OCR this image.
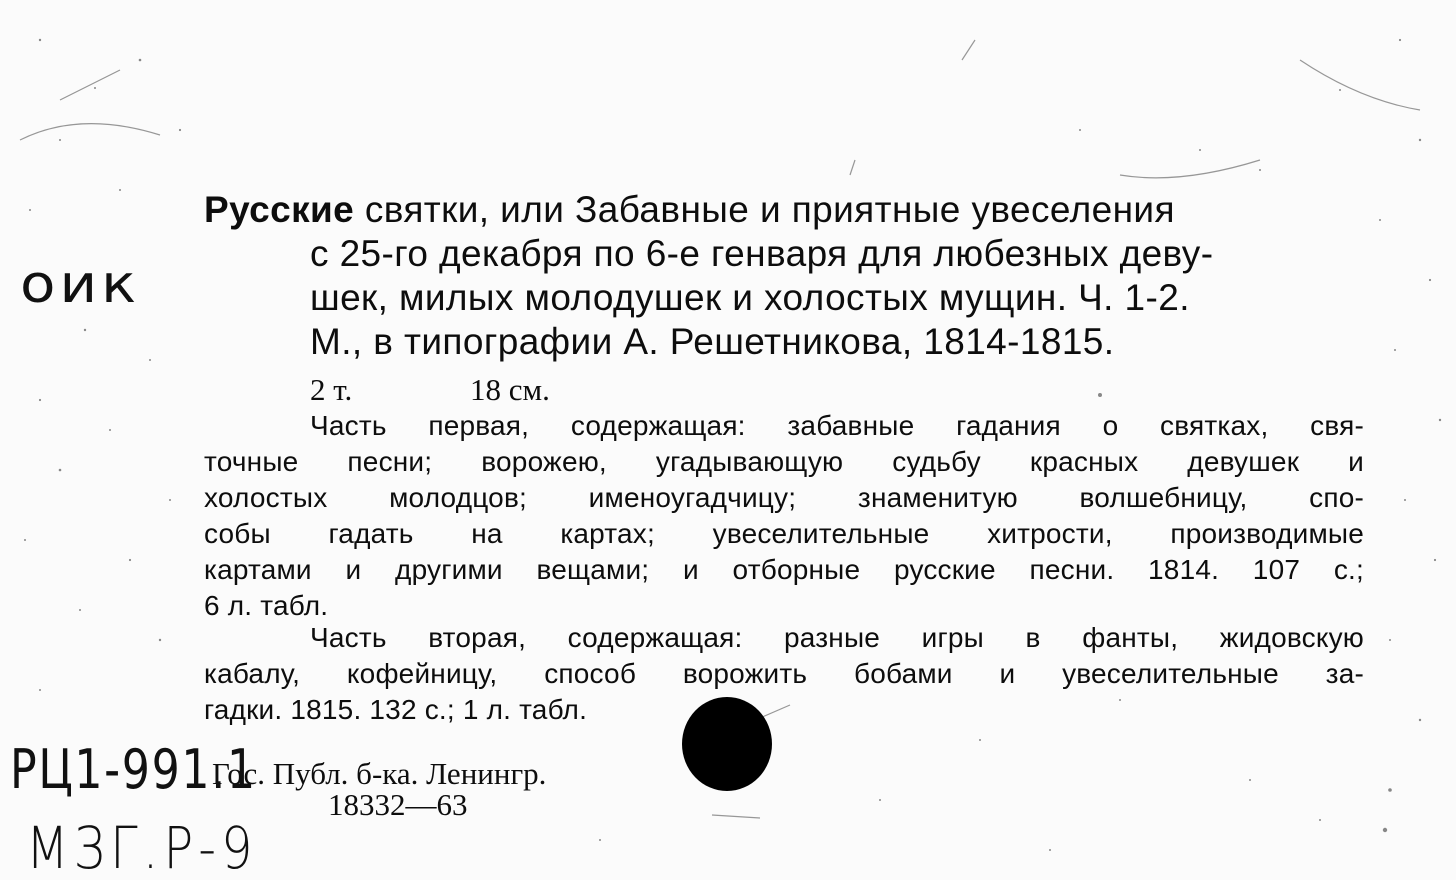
Русские святки, или Забавные и приятные увеселения
с 25-го декабря по 6-е генваря для любезных деву-
шек, милых молодушек и холостых мущин. Ч. 1-2.
М., в типографии А. Решетникова, 1814-1815.
2 т.	18 см.
Часть первая, содержащая: забавные гадания о святках, свя-
точные песни; ворожею, угадывающую судьбу красных девушек и
холостых молодцов; именоугадчицу; знаменитую волшебницу, спо-
собы гадать на картах; увеселительные хитрости, производимые
картами и другими вещами; и отборные русские песни. 1814. 107 с.;
6 л. табл.
Часть вторая, содержащая: разные игры в фанты, жидовскую
кабалу, кофейницу, способ ворожить бобами и увеселительные за-
гадки. 1815. 132 с.; 1 л. табл.
Гос. Публ. б-ка. Ленингр.
18332—63
оик
РЦ1-991.1
МЗГ.Р-9
